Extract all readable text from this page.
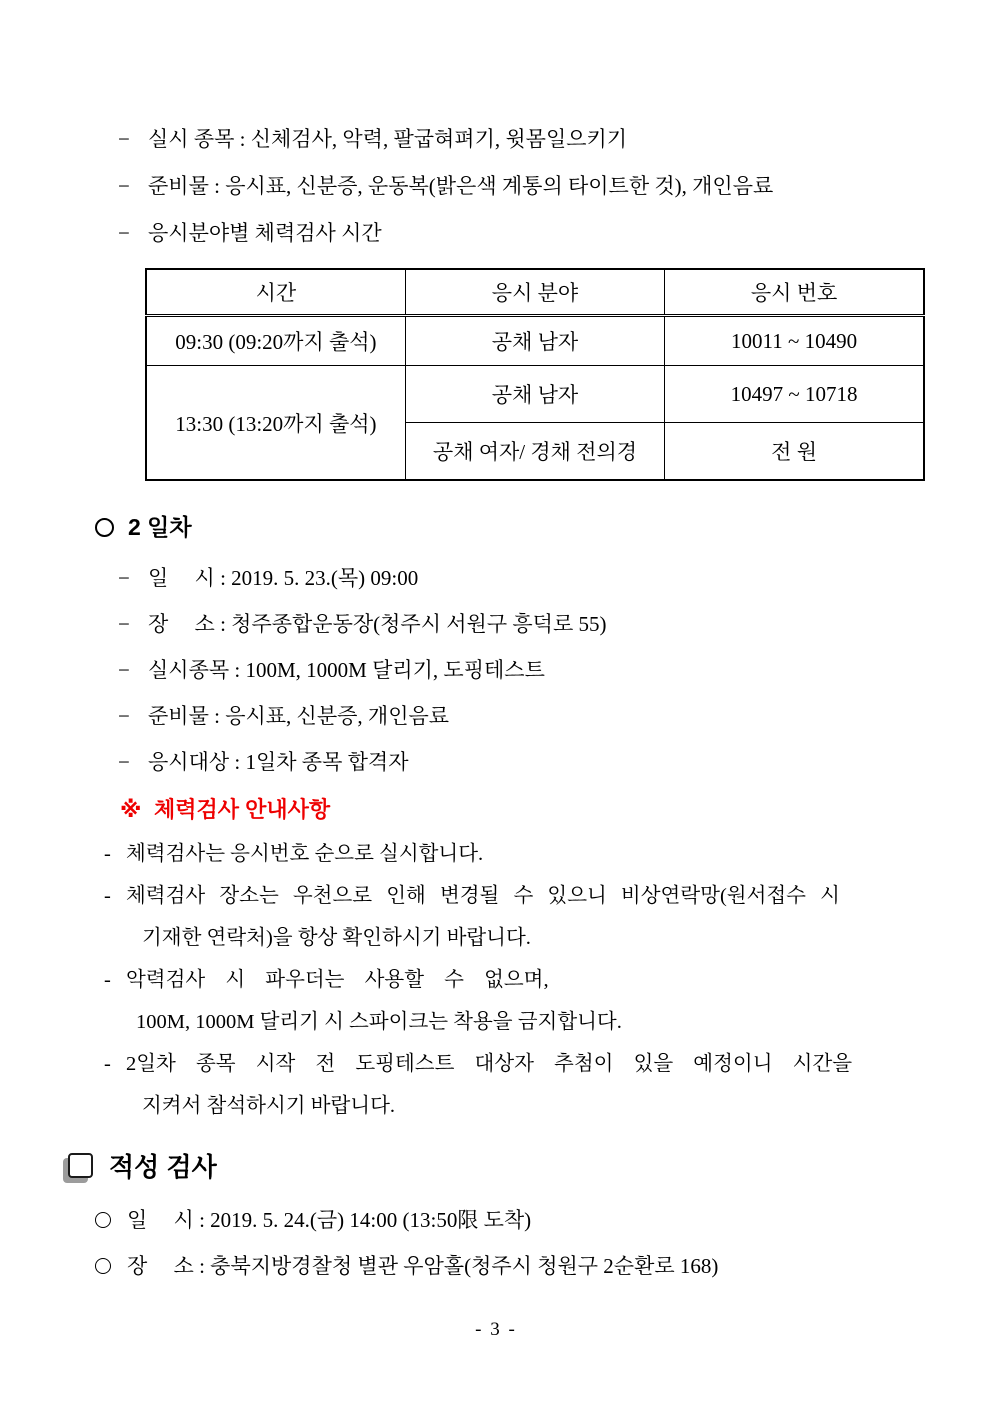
− 실시 종목 : 신체검사, 악력, 팔굽혀펴기, 윗몸일으키기
− 준비물 : 응시표, 신분증, 운동복(밝은색 계통의 타이트한 것), 개인음료
− 응시분야별 체력검사 시간
시간	응시 분야	응시 번호
09:30 (09:20까지 출석)	공채 남자	10011 ~ 10490
13:30 (13:20까지 출석)	공채 남자	10497 ~ 10718
	공채 여자/ 경채 전의경	전 원
2 일차
− 일     시 : 2019. 5. 23.(목) 09:00
− 장     소 : 청주종합운동장(청주시 서원구 흥덕로 55)
− 실시종목 : 100M, 1000M 달리기, 도핑테스트
− 준비물 : 응시표, 신분증, 개인음료
− 응시대상 : 1일차 종목 합격자
※ 체력검사 안내사항
- 체력검사는 응시번호 순으로 실시합니다.
- 체력검사 장소는 우천으로 인해 변경될 수 있으니 비상연락망(원서접수 시
기재한 연락처)을 항상 확인하시기 바랍니다.
- 악력검사 시 파우더는 사용할 수 없으며,
100M, 1000M 달리기 시 스파이크는 착용을 금지합니다.
- 2일차 종목 시작 전 도핑테스트 대상자 추첨이 있을 예정이니 시간을
지켜서 참석하시기 바랍니다.
적성 검사
일     시 : 2019. 5. 24.(금) 14:00 (13:50限 도착)
장     소 : 충북지방경찰청 별관 우암홀(청주시 청원구 2순환로 168)
- 3 -
